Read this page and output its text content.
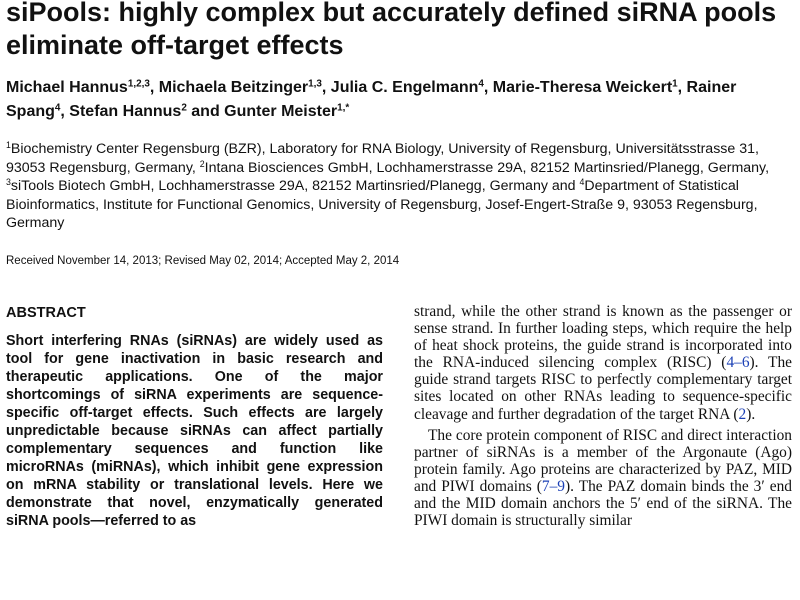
siPools: highly complex but accurately defined siRNA pools eliminate off-target effects
Michael Hannus$^{1,2,3}$, Michaela Beitzinger$^{1,3}$, Julia C. Engelmann$^4$, Marie-Theresa Weickert$^1$, Rainer Spang$^4$, Stefan Hannus$^2$ and Gunter Meister$^{1,*}$
$^1$Biochemistry Center Regensburg (BZR), Laboratory for RNA Biology, University of Regensburg, Universitätsstrasse 31, 93053 Regensburg, Germany, $^2$Intana Biosciences GmbH, Lochhamerstrasse 29A, 82152 Martinsried/Planegg, Germany, $^3$siTools Biotech GmbH, Lochhamerstrasse 29A, 82152 Martinsried/Planegg, Germany and $^4$Department of Statistical Bioinformatics, Institute for Functional Genomics, University of Regensburg, Josef-Engert-Straße 9, 93053 Regensburg, Germany
Received November 14, 2013; Revised May 02, 2014; Accepted May 2, 2014
ABSTRACT

Short interfering RNAs (siRNAs) are widely used as tool for gene inactivation in basic research and therapeutic applications. One of the major shortcomings of siRNA experiments are sequence-specific off-target effects. Such effects are largely unpredictable because siRNAs can affect partially complementary sequences and function like microRNAs (miRNAs), which inhibit gene expression on mRNA stability or translational levels. Here we demonstrate that novel, enzymatically generated siRNA pools—referred to as

strand, while the other strand is known as the passenger or sense strand. In further loading steps, which require the help of heat shock proteins, the guide strand is incorporated into the RNA-induced silencing complex (RISC) (4–6). The guide strand targets RISC to perfectly complementary target sites located on other RNAs leading to sequence-specific cleavage and further degradation of the target RNA (2).

The core protein component of RISC and direct interaction partner of siRNAs is a member of the Argonaute (Ago) protein family. Ago proteins are characterized by PAZ, MID and PIWI domains (7–9). The PAZ domain binds the 3′ end and the MID domain anchors the 5′ end of the siRNA. The PIWI domain is structurally similar
